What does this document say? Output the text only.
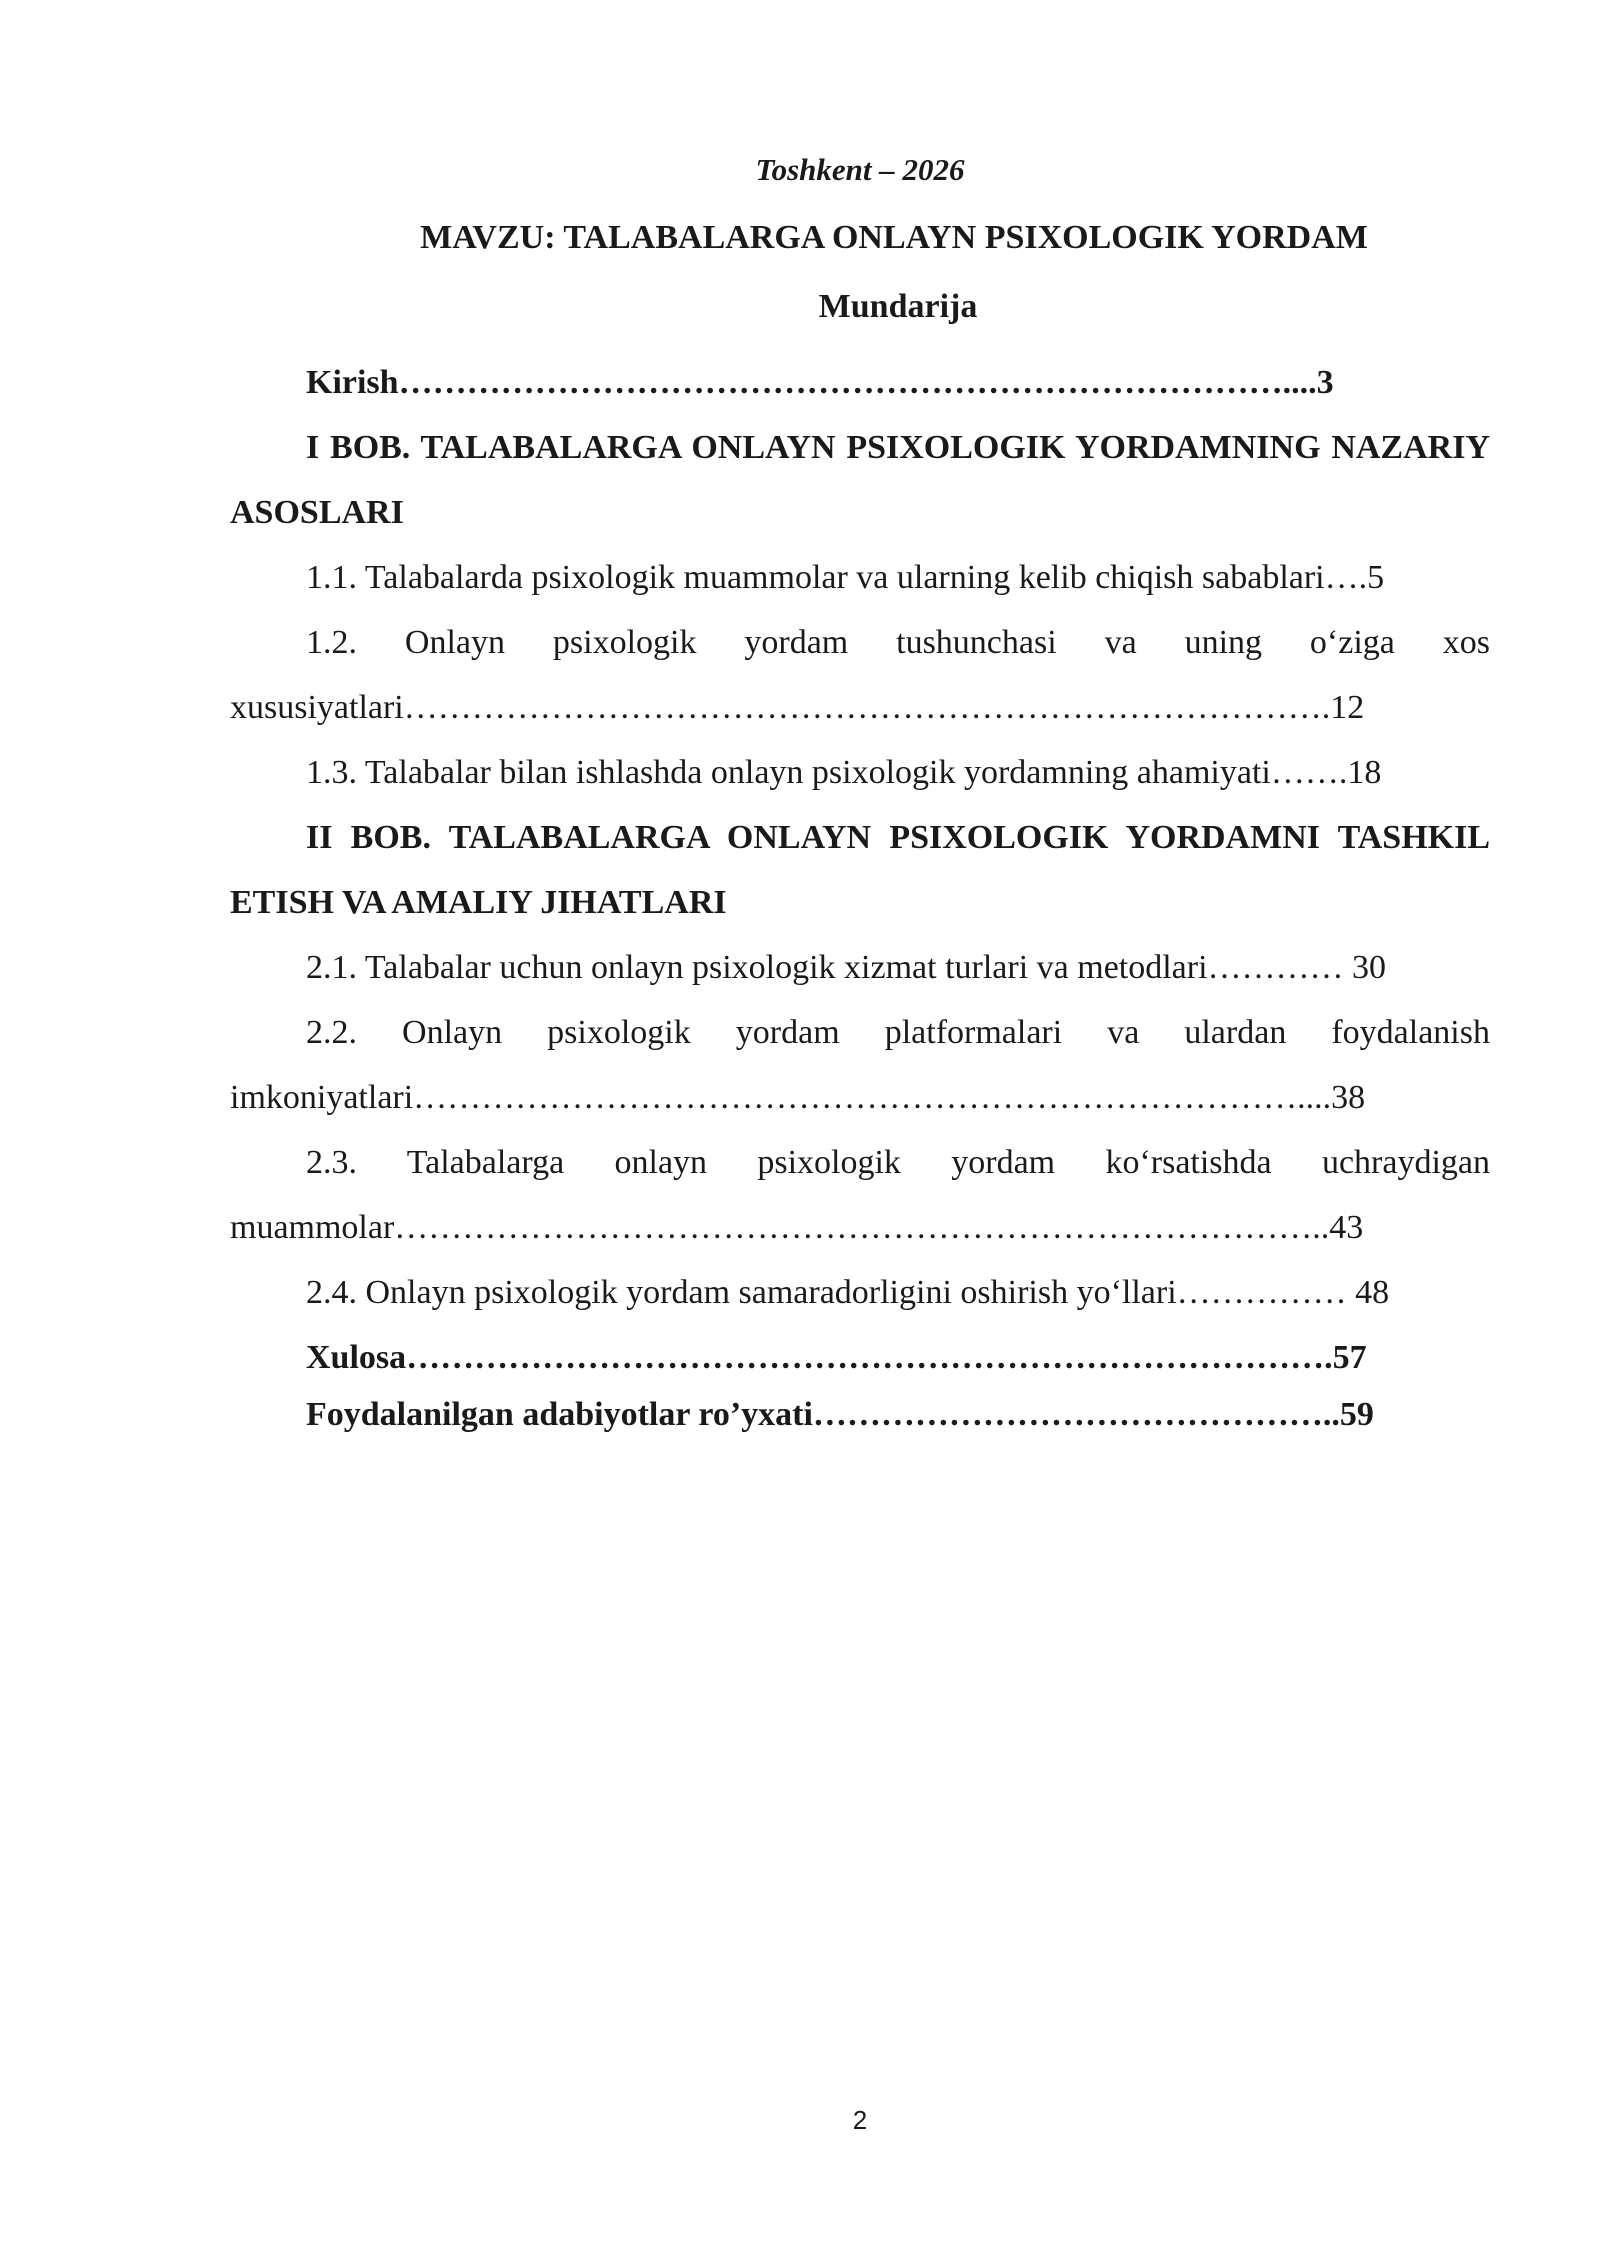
Toshkent – 2026
MAVZU: TALABALARGA ONLAYN PSIXOLOGIK YORDAM
Mundarija

Kirish……………………………………………………………………....3

I BOB. TALABALARGA ONLAYN PSIXOLOGIK YORDAMNING NAZARIY ASOSLARI

1.1. Talabalarda psixologik muammolar va ularning kelib chiqish sabablari….5

1.2. Onlayn psixologik yordam tushunchasi va uning o‘ziga xos xususiyatlari……………………………………………………………………….12

1.3. Talabalar bilan ishlashda onlayn psixologik yordamning ahamiyati…….18

II BOB. TALABALARGA ONLAYN PSIXOLOGIK YORDAMNI TASHKIL ETISH VA AMALIY JIHATLARI

2.1. Talabalar uchun onlayn psixologik xizmat turlari va metodlari………… 30

2.2. Onlayn psixologik yordam platformalari va ulardan foydalanish imkoniyatlari……………………………………………………………………....38

2.3. Talabalarga onlayn psixologik yordam ko‘rsatishda uchraydigan muammolar………………………………………………………………………..43

2.4. Onlayn psixologik yordam samaradorligini oshirish yo‘llari…………… 48

Xulosa……………………………………………………………………….57

Foydalanilgan adabiyotlar ro’yxati………………………………………..59

2
